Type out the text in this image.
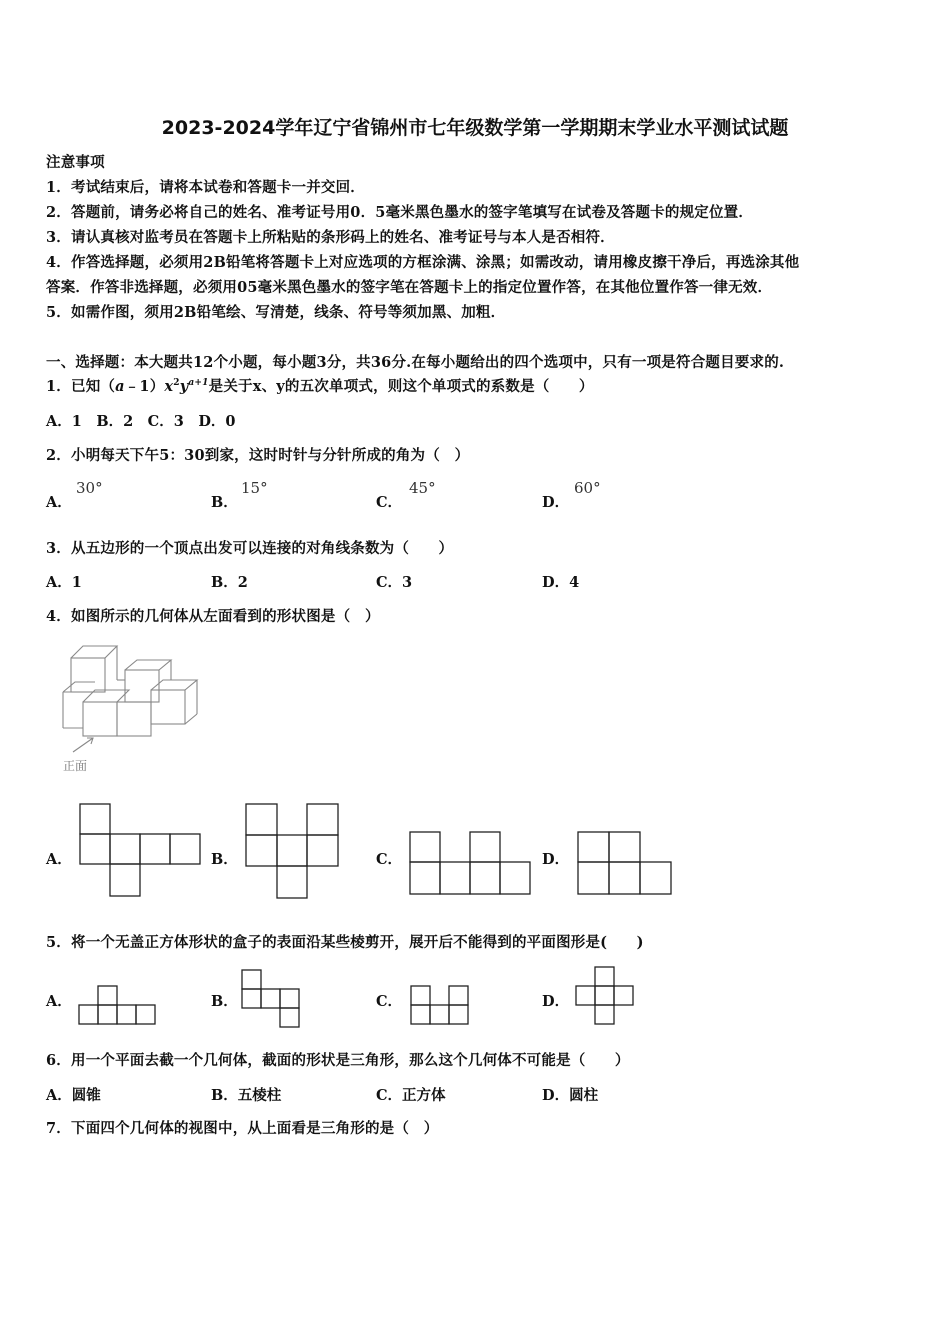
2023-2024学年辽宁省锦州市七年级数学第一学期期末学业水平测试试题
注意事项
1．考试结束后，请将本试卷和答题卡一并交回．
2．答题前，请务必将自己的姓名、准考证号用0．5毫米黑色墨水的签字笔填写在试卷及答题卡的规定位置．
3．请认真核对监考员在答题卡上所粘贴的条形码上的姓名、准考证号与本人是否相符．
4．作答选择题，必须用2B铅笔将答题卡上对应选项的方框涂满、涂黑；如需改动，请用橡皮擦干净后，再选涂其他
答案．作答非选择题，必须用05毫米黑色墨水的签字笔在答题卡上的指定位置作答，在其他位置作答一律无效．
5．如需作图，须用2B铅笔绘、写清楚，线条、符号等须加黑、加粗．
一、选择题：本大题共12个小题，每小题3分，共36分.在每小题给出的四个选项中，只有一项是符合题目要求的.
1．已知$(a﹣1)x^2y^{a+1}$是关于x、y的五次单项式，则这个单项式的系数是（　　）
A．1　B．2　C．3　D．0
2．小明每天下午5：30到家，这时时针与分针所成的角为（　）
A．
30°
B．
15°
C．
45°
D．
60°
3．从五边形的一个顶点出发可以连接的对角线条数为（　　）
A．1	B．2	C．3	D．4
4．如图所示的几何体从左面看到的形状图是（　）
正面
A．	B．	C．	D．
5．将一个无盖正方体形状的盒子的表面沿某些棱剪开，展开后不能得到的平面图形是(　　)
A．	B．	C．	D．
6．用一个平面去截一个几何体，截面的形状是三角形，那么这个几何体不可能是（　　）
A．圆锥	B．五棱柱	C．正方体	D．圆柱
7．下面四个几何体的视图中，从上面看是三角形的是（　）
